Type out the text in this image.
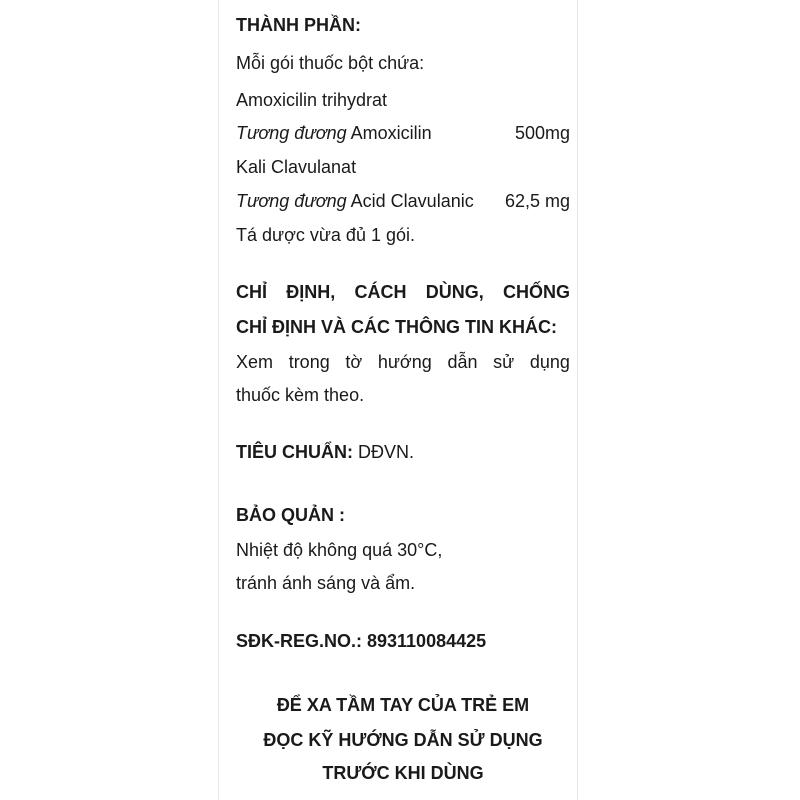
THÀNH PHẦN:
Mỗi gói thuốc bột chứa:
Amoxicilin trihydrat
Tương đương Amoxicilin	500mg
Kali Clavulanat
Tương đương Acid Clavulanic 62,5 mg
Tá dược vừa đủ 1 gói.
CHỈ ĐỊNH, CÁCH DÙNG, CHỐNG
CHỈ ĐỊNH VÀ CÁC THÔNG TIN KHÁC:
Xem trong tờ hướng dẫn sử dụng
thuốc kèm theo.
TIÊU CHUẨN: DĐVN.
BẢO QUẢN :
Nhiệt độ không quá 30°C,
tránh ánh sáng và ẩm.
SĐK-REG.NO.: 893110084425
ĐỂ XA TẦM TAY CỦA TRẺ EM
ĐỌC KỸ HƯỚNG DẪN SỬ DỤNG
TRƯỚC KHI DÙNG
